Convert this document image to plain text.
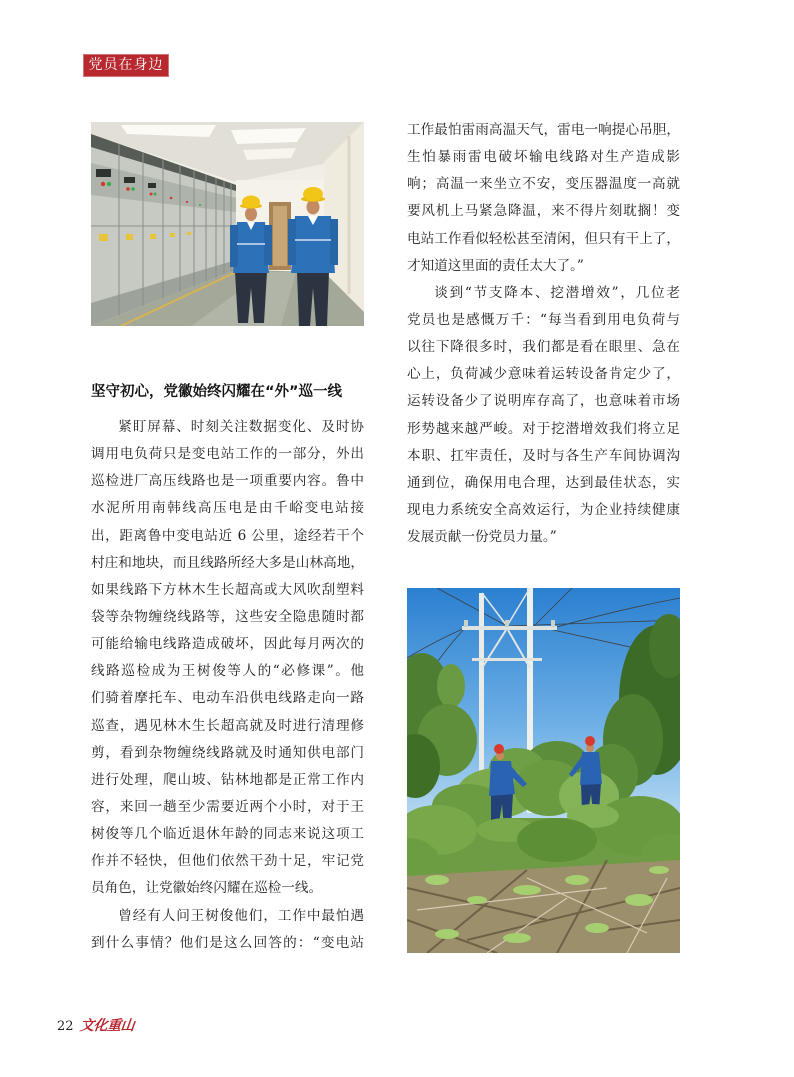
党员在身边
坚守初心，党徽始终闪耀在“外”巡一线
紧盯屏幕、时刻关注数据变化、及时协
调用电负荷只是变电站工作的一部分，外出
巡检进厂高压线路也是一项重要内容。鲁中
水泥所用南韩线高压电是由千峪变电站接
出，距离鲁中变电站近 6 公里，途经若干个
村庄和地块，而且线路所经大多是山林高地，
如果线路下方林木生长超高或大风吹刮塑料
袋等杂物缠绕线路等，这些安全隐患随时都
可能给输电线路造成破坏，因此每月两次的
线路巡检成为王树俊等人的“必修课”。他
们骑着摩托车、电动车沿供电线路走向一路
巡查，遇见林木生长超高就及时进行清理修
剪，看到杂物缠绕线路就及时通知供电部门
进行处理，爬山坡、钻林地都是正常工作内
容，来回一趟至少需要近两个小时，对于王
树俊等几个临近退休年龄的同志来说这项工
作并不轻快，但他们依然干劲十足，牢记党
员角色，让党徽始终闪耀在巡检一线。
曾经有人问王树俊他们，工作中最怕遇
到什么事情？他们是这么回答的：“变电站
工作最怕雷雨高温天气，雷电一响提心吊胆，
生怕暴雨雷电破坏输电线路对生产造成影
响；高温一来坐立不安，变压器温度一高就
要风机上马紧急降温，来不得片刻耽搁！变
电站工作看似轻松甚至清闲，但只有干上了，
才知道这里面的责任太大了。”
谈到“节支降本、挖潜增效”，几位老
党员也是感慨万千：“每当看到用电负荷与
以往下降很多时，我们都是看在眼里、急在
心上，负荷减少意味着运转设备肯定少了，
运转设备少了说明库存高了，也意味着市场
形势越来越严峻。对于挖潜增效我们将立足
本职、扛牢责任，及时与各生产车间协调沟
通到位，确保用电合理，达到最佳状态，实
现电力系统安全高效运行，为企业持续健康
发展贡献一份党员力量。”
22 文化重山
